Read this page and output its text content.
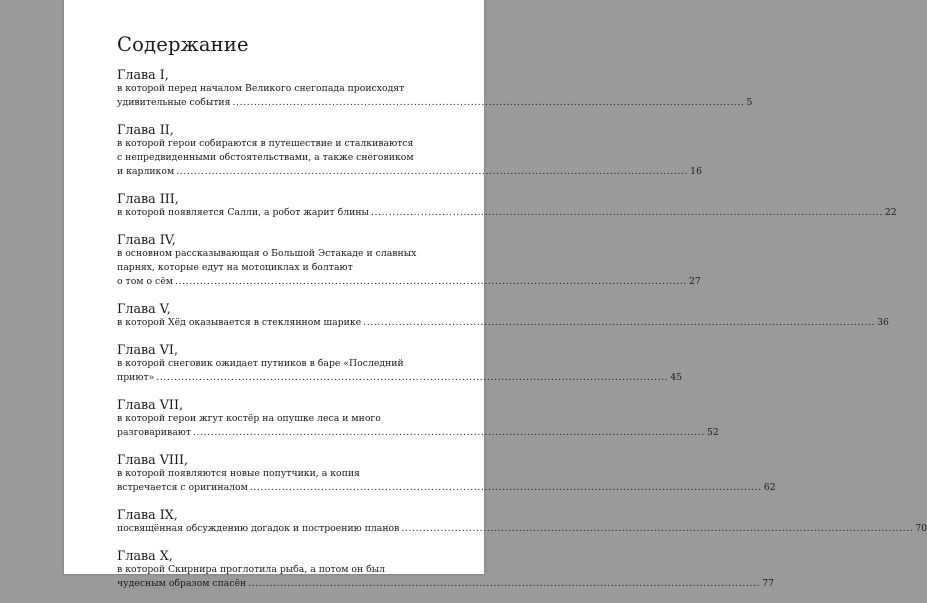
Содержание
Глава I,
в которой перед началом Великого снегопада происходят
удивительные события .....	5
Глава II,
в которой герои собираются в путешествие и сталкиваются
с непредвиденными обстоятельствами, а также снеговиком
и карликом .....	16
Глава III,
в которой появляется Салли, а робот жарит блины .....	22
Глава IV,
в основном рассказывающая о Большой Эстакаде и славных
парнях, которые едут на мотоциклах и болтают
о том о сём .....	27
Глава V,
в которой Хёд оказывается в стеклянном шарике .....	36
Глава VI,
в которой снеговик ожидает путников в баре «Последний
приют» .....	45
Глава VII,
в которой герои жгут костёр на опушке леса и много
разговаривают .....	52
Глава VIII,
в которой появляются новые попутчики, а копия
встречается с оригиналом .....	62
Глава IX,
посвящённая обсуждению догадок и построению планов .....	70
Глава X,
в которой Скирнира проглотила рыба, а потом он был
чудесным образом спасён .....	77
